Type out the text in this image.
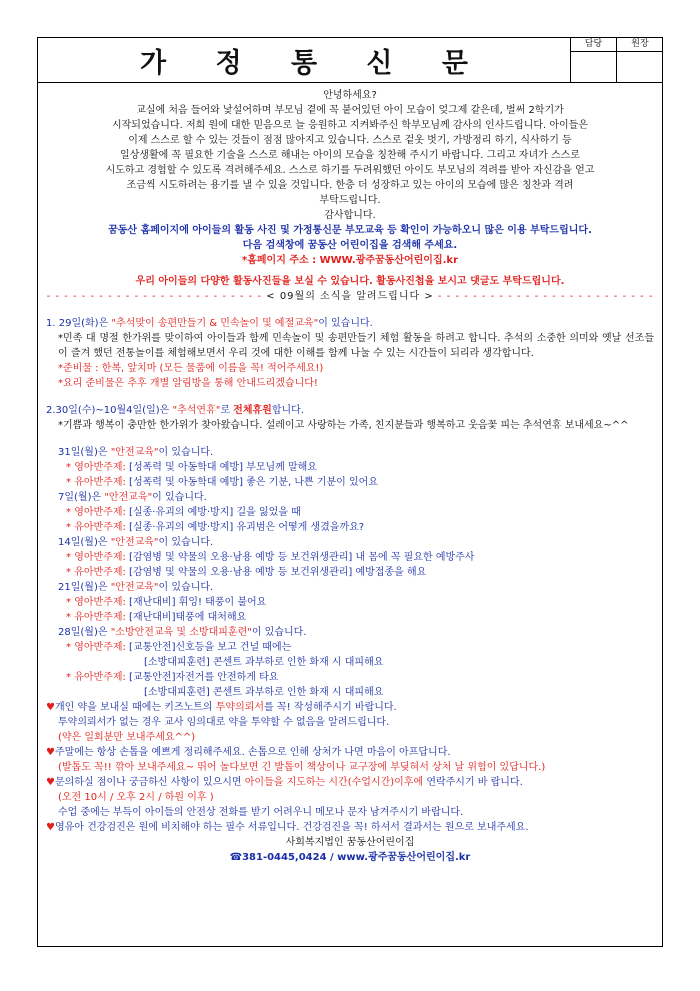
가 정 통 신 문
담당	원장
안녕하세요?
교실에 처음 들어와 낯설어하며 부모님 곁에 꼭 붙어있던 아이 모습이 엊그제 같은데, 벌써 2학기가
시작되었습니다. 저희 원에 대한 믿음으로 늘 응원하고 지켜봐주신 학부모님께 감사의 인사드립니다. 아이들은
이제 스스로 할 수 있는 것들이 점점 많아지고 있습니다. 스스로 겉옷 벗기, 가방정리 하기, 식사하기 등
일상생활에 꼭 필요한 기술을 스스로 해내는 아이의 모습을 칭찬해 주시기 바랍니다. 그리고 자녀가 스스로
시도하고 경험할 수 있도록 격려해주세요. 스스로 하기를 두려워했던 아이도 부모님의 격려를 받아 자신감을 얻고
조금씩 시도하려는 용기를 낼 수 있을 것입니다. 한층 더 성장하고 있는 아이의 모습에 많은 칭찬과 격려
부탁드립니다.
감사합니다.
꿈동산 홈페이지에 아이들의 활동 사진 및 가정통신문 부모교육 등 확인이 가능하오니 많은 이용 부탁드립니다.
다음 검색창에 꿈동산 어린이집을 검색해 주세요.
*홈페이지 주소 : WWW.광주꿈동산어린이집.kr
우리 아이들의 다양한 활동사진들을 보실 수 있습니다. 활동사진첩을 보시고 댓글도 부탁드립니다.
- - - - - - - - - - - - - - - - - - - - - - - - - < 09월의 소식을 알려드립니다 > - - - - - - - - - - - - - - - - - - - - - - - - -
1. 29일(화)은 "추석맞이 송편만들기 & 민속놀이 및 예절교육"이 있습니다.
*민족 대 명절 한가위를 맞이하여 아이들과 함께 민속놀이 및 송편만들기 체험 활동을 하려고 합니다. 추석의 소중한 의미와 옛날 선조들이 즐겨 했던 전통놀이를 체험해보면서 우리 것에 대한 이해를 함께 나눌 수 있는 시간들이 되리라 생각합니다.
*준비물 : 한복, 앞치마 (모든 물품에 이름을 꼭! 적어주세요!)
*요리 준비물은 추후 개별 알림방을 통해 안내드리겠습니다!
2.30일(수)~10월4일(일)은 "추석연휴"로 전체휴원합니다.
*기쁨과 행복이 충만한 한가위가 찾아왔습니다. 설레이고 사랑하는 가족, 친지분들과 행복하고 웃음꽃 피는 추석연휴 보내세요~^^
31일(월)은 "안전교육"이 있습니다.
* 영아반주제: [성폭력 및 아동학대 예방] 부모님께 말해요
* 유아반주제: [성폭력 및 아동학대 예방] 좋은 기분, 나쁜 기분이 있어요
7일(월)은 "안전교육"이 있습니다.
* 영아반주제: [실종·유괴의 예방·방지] 길을 잃었을 때
* 유아반주제: [실종·유괴의 예방·방지] 유괴범은 어떻게 생겼을까요?
14일(월)은 "안전교육"이 있습니다.
* 영아반주제: [감염병 및 약물의 오용·남용 예방 등 보건위생관리] 내 몸에 꼭 필요한 예방주사
* 유아반주제: [감염병 및 약물의 오용·남용 예방 등 보건위생관리] 예방접종을 해요
21일(월)은 "안전교육"이 있습니다.
* 영아반주제: [재난대비] 휘잉! 태풍이 불어요
* 유아반주제: [재난대비]태풍에 대처해요
28일(월)은 "소방안전교육 및 소방대피훈련"이 있습니다.
* 영아반주제: [교통안전]신호등을 보고 건널 때에는
[소방대피훈련] 콘센트 과부하로 인한 화재 시 대피해요
* 유아반주제: [교통안전]자전거를 안전하게 타요
[소방대피훈련] 콘센트 과부하로 인한 화재 시 대피해요
♥개인 약을 보내실 때에는 키즈노트의 투약의뢰서를 꼭! 작성해주시기 바랍니다.
투약의뢰서가 없는 경우 교사 임의대로 약을 투약할 수 없음을 알려드립니다.
(약은 일회분만 보내주세요^^)
♥주말에는 항상 손톱을 예쁘게 정리해주세요. 손톱으로 인해 상처가 나면 마음이 아프답니다.
(발톱도 꼭!! 깎아 보내주세요~ 뛰어 놀다보면 긴 발톱이 책상이나 교구장에 부딪혀서 상처 날 위험이 있답니다.)
♥문의하실 점이나 궁금하신 사항이 있으시면 아이들을 지도하는 시간(수업시간)이후에 연락주시기 바 랍니다.
(오전 10시 / 오후 2시 / 하원 이후 )
수업 중에는 부득이 아이들의 안전상 전화를 받기 어려우니 메모나 문자 남겨주시기 바랍니다.
♥영유아 건강검진은 원에 비치해야 하는 필수 서류입니다. 건강검진을 꼭! 하셔서 결과서는 원으로 보내주세요.
사회복지법인 꿈동산어린이집
☎381-0445,0424 / www.광주꿈동산어린이집.kr
